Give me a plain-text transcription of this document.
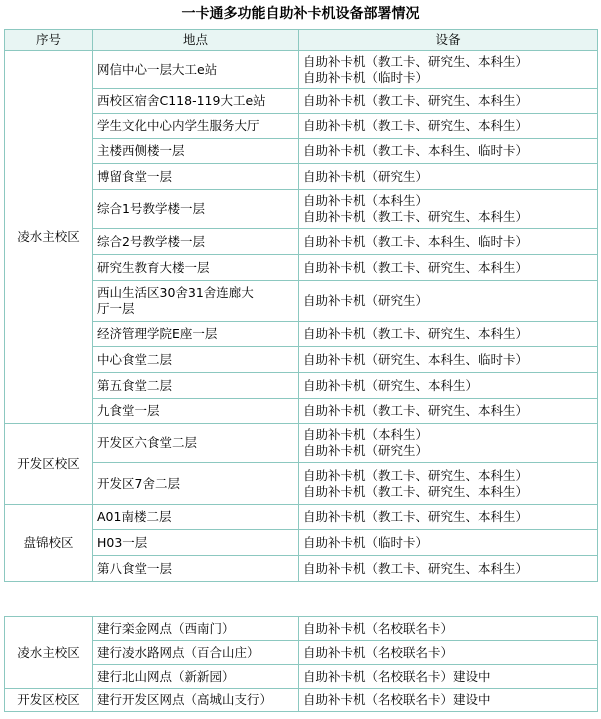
一卡通多功能自助补卡机设备部署情况
序号	地点	设备
凌水主校区	网信中心一层大工e站	自助补卡机（教工卡、研究生、本科生）
自助补卡机（临时卡）

	西校区宿舍C118-119大工e站	自助补卡机（教工卡、研究生、本科生）

	学生文化中心内学生服务大厅	自助补卡机（教工卡、研究生、本科生）

	主楼西侧楼一层	自助补卡机（教工卡、本科生、临时卡）

	博留食堂一层	自助补卡机（研究生）

	综合1号教学楼一层	自助补卡机（本科生）
自助补卡机（教工卡、研究生、本科生）

	综合2号教学楼一层	自助补卡机（教工卡、本科生、临时卡）

	研究生教育大楼一层	自助补卡机（教工卡、研究生、本科生）

	西山生活区30舍31舍连廊大厅一层	自助补卡机（研究生）

	经济管理学院E座一层	自助补卡机（教工卡、研究生、本科生）

	中心食堂二层	自助补卡机（研究生、本科生、临时卡）

	第五食堂二层	自助补卡机（研究生、本科生）

	九食堂一层	自助补卡机（教工卡、研究生、本科生）

开发区校区	开发区六食堂二层	自助补卡机（本科生）
自助补卡机（研究生）

	开发区7舍二层	自助补卡机（教工卡、研究生、本科生）
自助补卡机（教工卡、研究生、本科生）

盘锦校区	A01南楼二层	自助补卡机（教工卡、研究生、本科生）

	H03一层	自助补卡机（临时卡）

	第八食堂一层	自助补卡机（教工卡、研究生、本科生）
凌水主校区	建行栾金网点（西南门）	自助补卡机（名校联名卡）

	建行凌水路网点（百合山庄）	自助补卡机（名校联名卡）

	建行北山网点（新新园）	自助补卡机（名校联名卡）建设中

开发区校区	建行开发区网点（高城山支行）	自助补卡机（名校联名卡）建设中
